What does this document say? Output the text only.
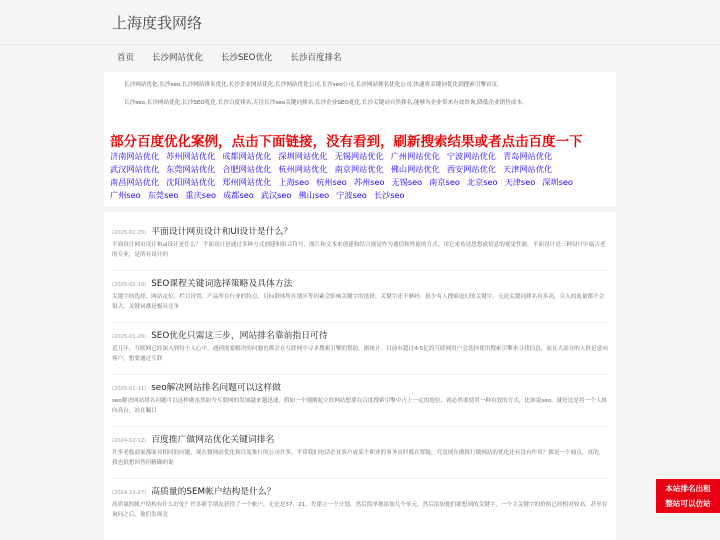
上海度我网络
首页	长沙网站优化	长沙SEO优化	长沙百度排名

长沙网站优化,长沙seo,长沙网站排名优化,长沙企业网站优化,长沙网站优化公司,长沙seo公司,长沙网站排名优化公司,快速将关键词优化到搜索引擎首页。

长沙seo,长沙网站优化,长沙SEO优化,长沙百度排名,专注长沙seo关键词排名,长沙企业SEO优化,长沙关键词自然排名,能够为企业带来有效咨询,降低企业销售成本。

部分百度优化案例，点击下面链接，没有看到，刷新搜索结果或者点击百度一下
济南网站优化 苏州网站优化 成都网站优化 深圳网站优化 无锡网站优化 广州网站优化 宁波网站优化 青岛网站优化武汉网站优化 东莞网站优化 合肥网站优化 杭州网站优化 南京网站优化 佛山网站优化 西安网站优化 天津网站优化南昌网站优化 沈阳网站优化 郑州网站优化 上海seo 杭州seo 苏州seo 无锡seo 南京seo 北京seo 天津seo 深圳seo广州seo 东莞seo 重庆seo 成都seo 武汉seo 佛山seo 宁波seo 长沙seo
(2025-02-25) 平面设计网页设计和UI设计是什么？
平面设计网页设计和ui设计是什么？ 平面设计是通过多种方式创建和组合符号、图片和文本来创建和结合视觉作为通信和性能的方式。用它来传达思想或信息的视觉性能。平面设计是三种设计中最古老的专业，是所有设计的
(2025-02-10) SEO课程关键词选择策略及具体方法
关键字的选择、网站定位、栏目设置、产品所在行业的特点，目标群体所在地区等因素会影响关键字的选择。关键字还不够吗：很少有人搜索虚幻的关键字。无论关键词排名有多高，引入的流量都不会很大。关键词都是极具竞争
(2025-01-26) SEO优化只需这三步，网站排名靠前指日可待
近几年，互联网已经深入到每个人心中，遇到需要解决的问题也都会在互联网中寻求搜索引擎的帮助，据统计，目前有超过4-5亿的互联网用户会选择使用搜索引擎来寻找信息，而且大部分的人群是意向客户，想要通过互联
(2025-01-11) seo解决网站排名问题可以这样做
seo解决网站排名问题可以这样做虽然如今互联网的发展越来越迅速，假如一个刚刚起立的网站想要在百度搜索引擎中占上一定的地位，就必然要使用一种有效的方式，比如说seo。就好比是将一个人推向高台，站在瞩目
(2024-12-12) 百度推广做网站优化关键词排名
许多老板商家都面对相同的问题，现在做网站优化和百度推行的公司许多，平常我们电话企业客户或某个职业的事务员时都在置疑，究竟现在做推行做网站的优化还有没有作用？都是一个痛点，真的，我也很想回答但精确的说
(2024-11-27) 高质量的SEM帐户结构是什么？
高质量的帐户结构有什么好处？许多新手朋友获得了一个帐户，无论是37、21，先建立一个计划，然后简单地添加几个单元，然后添加他们能想到的关键字，一个主关键字的价格已经相对较高，甚至在询问之后，他们发现竟
本站排名出租
整站可以仿站
